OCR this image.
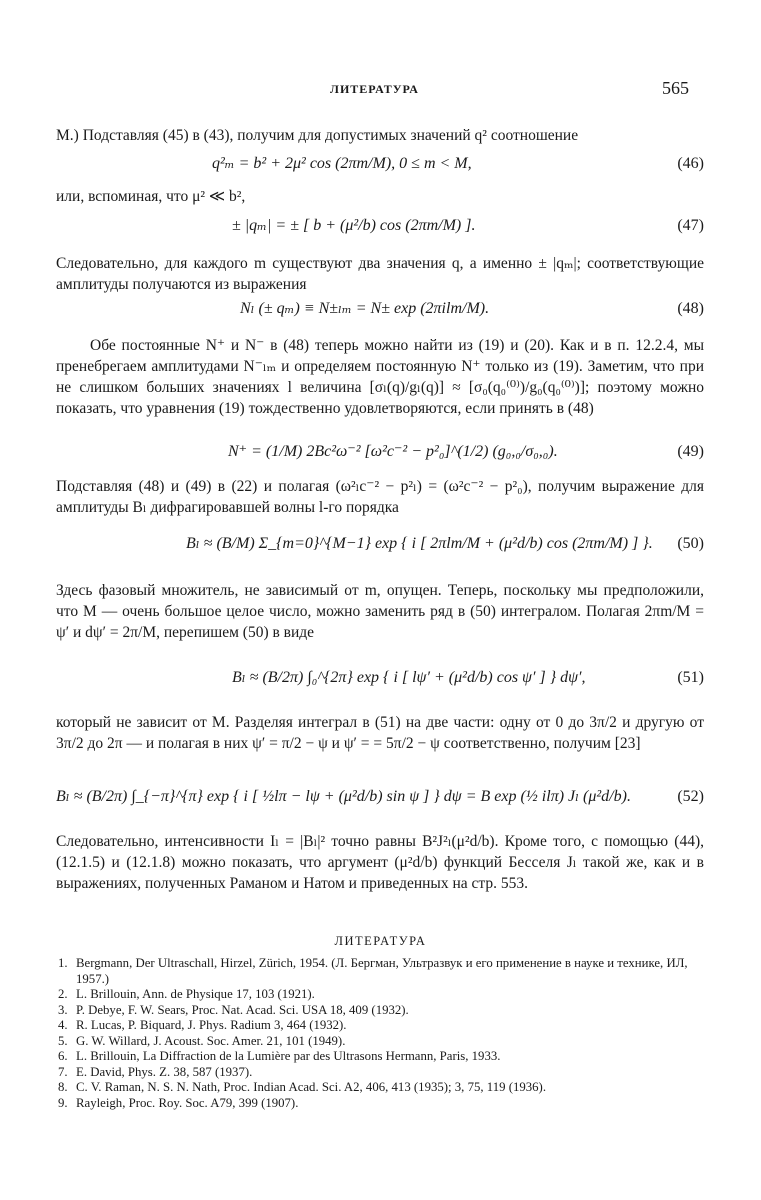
ЛИТЕРАТУРА	565

M.) Подставляя (45) в (43), получим для допустимых значений q² соотношение

q²ₘ = b² + 2μ² cos (2πm/M), 0 ≤ m < M,	(46)

или, вспоминая, что μ² ≪ b²,

± |qₘ| = ± [ b + (μ²/b) cos (2πm/M) ].	(47)

Следовательно, для каждого m существуют два значения q, а именно ± |qₘ|; соответствующие амплитуды получаются из выражения

Nₗ (± qₘ) ≡ N±ₗₘ = N± exp (2πilm/M).	(48)

Обе постоянные N⁺ и N⁻ в (48) теперь можно найти из (19) и (20). Как и в п. 12.2.4, мы пренебрегаем амплитудами N⁻ₗₘ и определяем постоянную N⁺ только из (19). Заметим, что при не слишком больших значениях l величина [σₗ(q)/gₗ(q)] ≈ [σ₀(q₀⁽⁰⁾)/g₀(q₀⁽⁰⁾)]; поэтому можно показать, что уравнения (19) тождественно удовлетворяются, если принять в (48)

N⁺ = (1/M) 2Bc²ω⁻² [ω²c⁻² − p²₀]^(1/2) (g₀,₀/σ₀,₀).	(49)

Подставляя (48) и (49) в (22) и полагая (ω²ₗc⁻² − p²ₗ) = (ω²c⁻² − p²₀), получим выражение для амплитуды Bₗ дифрагировавшей волны l-го порядка

Bₗ ≈ (B/M) Σ_{m=0}^{M−1} exp { i [ 2πlm/M + (μ²d/b) cos (2πm/M) ] }. (50)

Здесь фазовый множитель, не зависимый от m, опущен. Теперь, поскольку мы предположили, что M — очень большое целое число, можно заменить ряд в (50) интегралом. Полагая 2πm/M = ψ′ и dψ′ = 2π/M, перепишем (50) в виде

Bₗ ≈ (B/2π) ∫₀^{2π} exp { i [ lψ′ + (μ²d/b) cos ψ′ ] } dψ′,	(51)

который не зависит от M. Разделяя интеграл в (51) на две части: одну от 0 до 3π/2 и другую от 3π/2 до 2π — и полагая в них ψ′ = π/2 − ψ и ψ′ = = 5π/2 − ψ соответственно, получим [23]

Bₗ ≈ (B/2π) ∫_{−π}^{π} exp { i [ ½lπ − lψ + (μ²d/b) sin ψ ] } dψ = B exp (½ ilπ) Jₗ (μ²d/b).	(52)

Следовательно, интенсивности Iₗ = |Bₗ|² точно равны B²J²ₗ(μ²d/b). Кроме того, с помощью (44), (12.1.5) и (12.1.8) можно показать, что аргумент (μ²d/b) функций Бесселя Jₗ такой же, как и в выражениях, полученных Раманом и Натом и приведенных на стр. 553.

ЛИТЕРАТУРА
1. Bergmann, Der Ultraschall, Hirzel, Zürich, 1954. (Л. Бергман, Ультразвук и его применение в науке и технике, ИЛ, 1957.)
2. L. Brillouin, Ann. de Physique 17, 103 (1921).
3. P. Debye, F. W. Sears, Proc. Nat. Acad. Sci. USA 18, 409 (1932).
4. R. Lucas, P. Biquard, J. Phys. Radium 3, 464 (1932).
5. G. W. Willard, J. Acoust. Soc. Amer. 21, 101 (1949).
6. L. Brillouin, La Diffraction de la Lumière par des Ultrasons Hermann, Paris, 1933.
7. E. David, Phys. Z. 38, 587 (1937).
8. C. V. Raman, N. S. N. Nath, Proc. Indian Acad. Sci. A2, 406, 413 (1935); 3, 75, 119 (1936).
9. Rayleigh, Proc. Roy. Soc. A79, 399 (1907).
